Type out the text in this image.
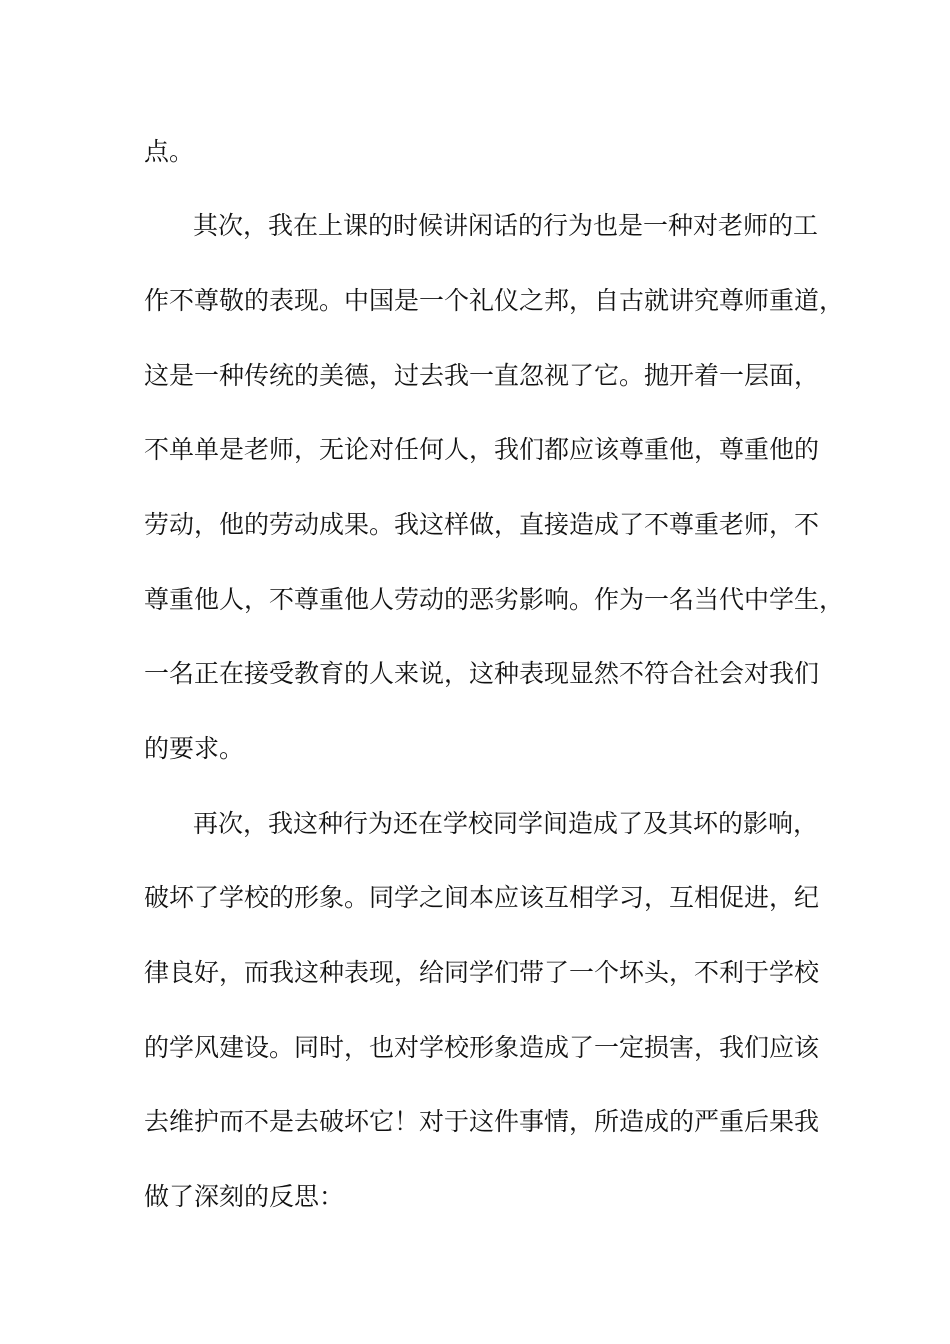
点。
其次，我在上课的时候讲闲话的行为也是一种对老师的工
作不尊敬的表现。中国是一个礼仪之邦，自古就讲究尊师重道，
这是一种传统的美德，过去我一直忽视了它。抛开着一层面，
不单单是老师，无论对任何人，我们都应该尊重他，尊重他的
劳动，他的劳动成果。我这样做，直接造成了不尊重老师，不
尊重他人，不尊重他人劳动的恶劣影响。作为一名当代中学生，
一名正在接受教育的人来说，这种表现显然不符合社会对我们
的要求。
再次，我这种行为还在学校同学间造成了及其坏的影响，
破坏了学校的形象。同学之间本应该互相学习，互相促进，纪
律良好，而我这种表现，给同学们带了一个坏头，不利于学校
的学风建设。同时，也对学校形象造成了一定损害，我们应该
去维护而不是去破坏它！对于这件事情，所造成的严重后果我
做了深刻的反思：
